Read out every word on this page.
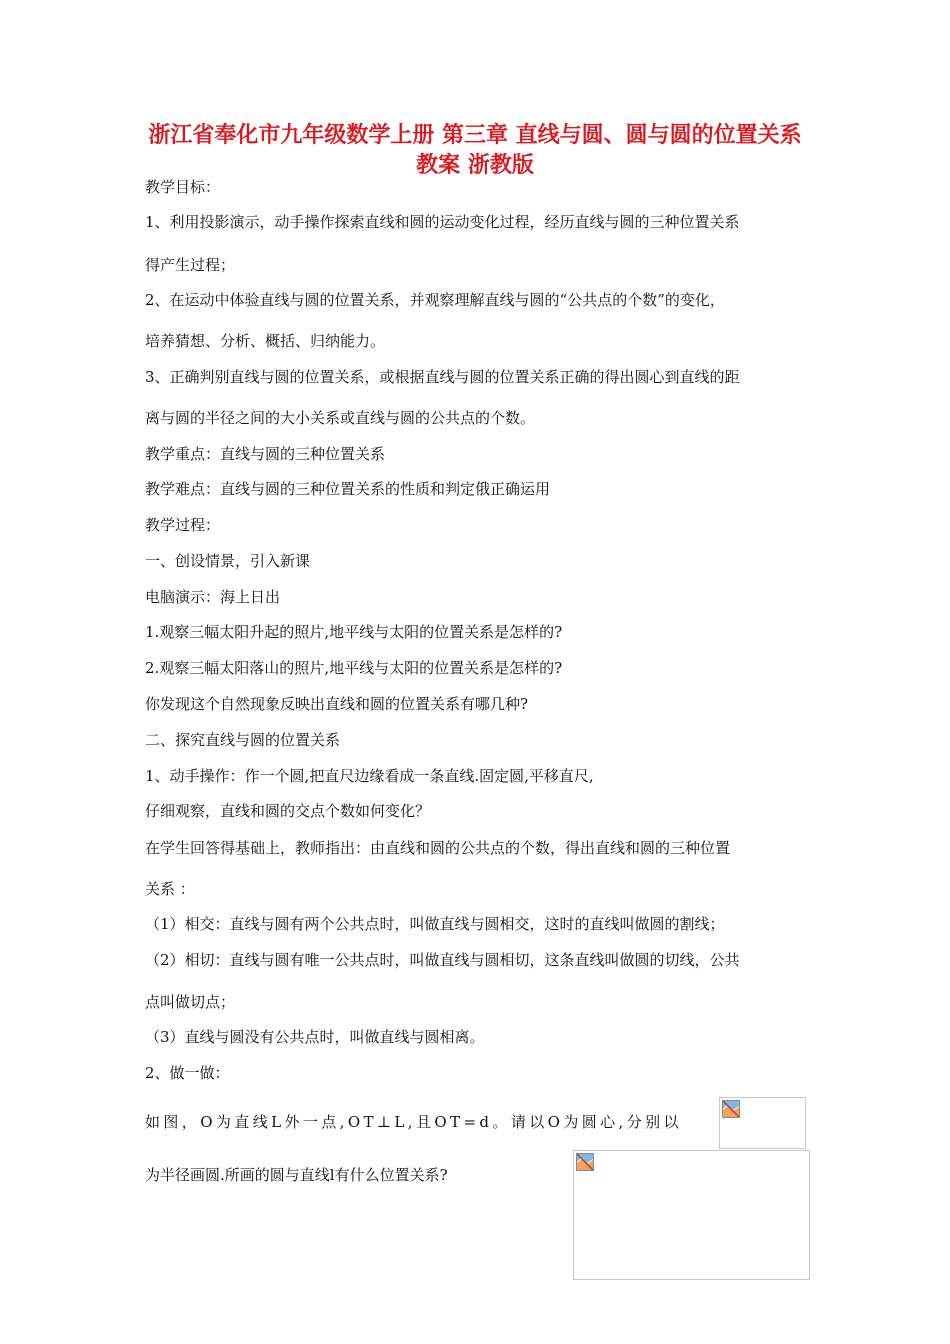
浙江省奉化市九年级数学上册 第三章 直线与圆、圆与圆的位置关系教案 浙教版

教学目标：

1、利用投影演示，动手操作探索直线和圆的运动变化过程，经历直线与圆的三种位置关系

得产生过程；

2、在运动中体验直线与圆的位置关系，并观察理解直线与圆的“公共点的个数”的变化，

培养猜想、分析、概括、归纳能力。

3、正确判别直线与圆的位置关系，或根据直线与圆的位置关系正确的得出圆心到直线的距

离与圆的半径之间的大小关系或直线与圆的公共点的个数。

教学重点：直线与圆的三种位置关系

教学难点：直线与圆的三种位置关系的性质和判定俄正确运用

教学过程：

一、创设情景，引入新课

电脑演示：海上日出

1.观察三幅太阳升起的照片,地平线与太阳的位置关系是怎样的?

2.观察三幅太阳落山的照片,地平线与太阳的位置关系是怎样的?

你发现这个自然现象反映出直线和圆的位置关系有哪几种?

二、探究直线与圆的位置关系

1、动手操作：作一个圆,把直尺边缘看成一条直线.固定圆,平移直尺,

仔细观察，直线和圆的交点个数如何变化？

在学生回答得基础上，教师指出：由直线和圆的公共点的个数，得出直线和圆的三种位置

关系 ：

（1）相交：直线与圆有两个公共点时，叫做直线与圆相交，这时的直线叫做圆的割线；

（2）相切：直线与圆有唯一公共点时，叫做直线与圆相切，这条直线叫做圆的切线，公共

点叫做切点；

（3）直线与圆没有公共点时，叫做直线与圆相离。

2、做一做：

如图，O为直线L外一点,OT⊥L,且OT=d。请以O为圆心,分别以

为半径画圆.所画的圆与直线l有什么位置关系?
